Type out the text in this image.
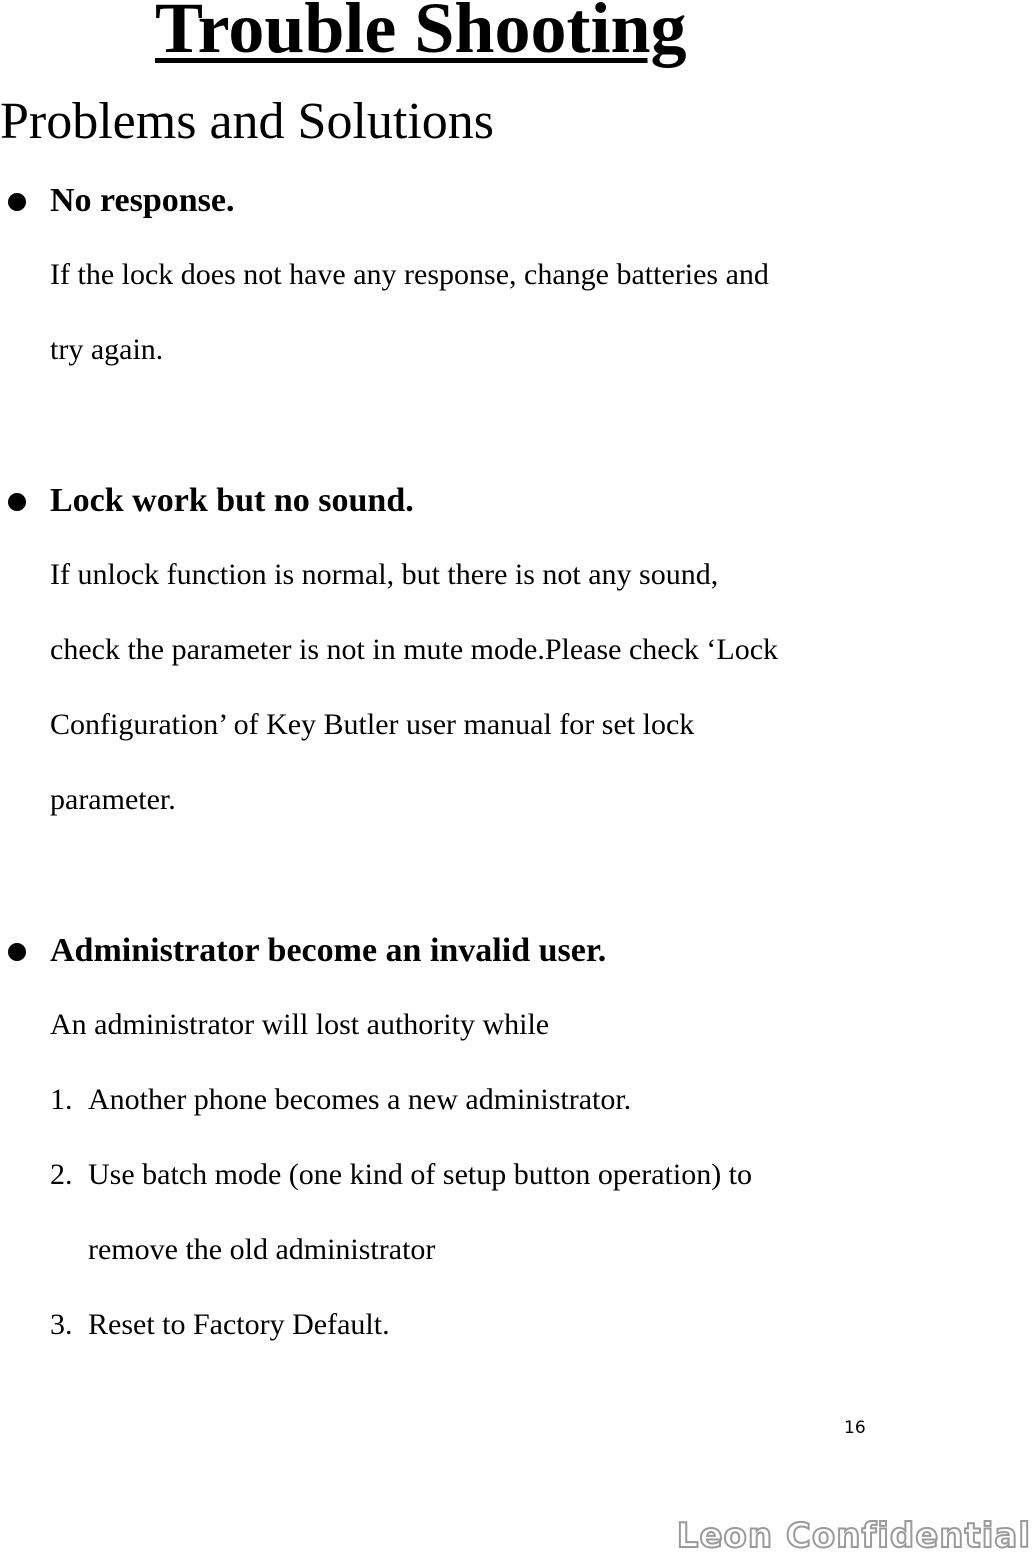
Trouble Shooting
Problems and Solutions
No response.
If the lock does not have any response, change batteries and
try again.
Lock work but no sound.
If unlock function is normal, but there is not any sound,
check the parameter is not in mute mode.Please check ‘Lock
Configuration’ of Key Butler user manual for set lock
parameter.
Administrator become an invalid user.
An administrator will lost authority while
1. Another phone becomes a new administrator.
2. Use batch mode (one kind of setup button operation) to
remove the old administrator
3. Reset to Factory Default.
16
Leon Confidential
